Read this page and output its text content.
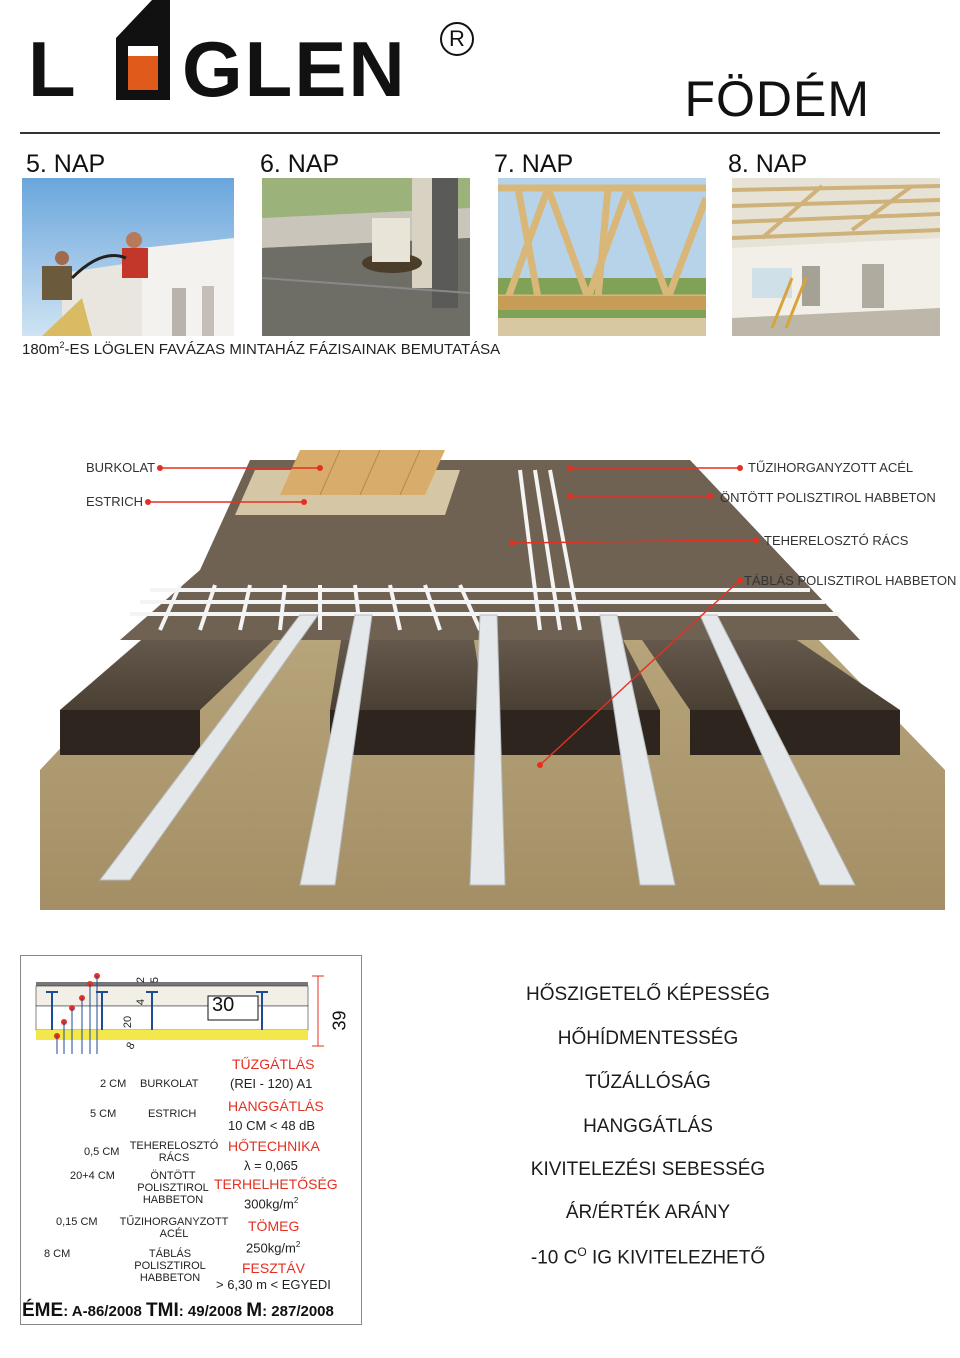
L GLEN	R
FÖDÉM
5. NAP	6. NAP	7. NAP	8. NAP
$180m^2-ES$ LÖGLEN FAVÁZAS MINTAHÁZ FÁZISAINAK BEMUTATÁSA
BURKOLAT
ESTRICH
TŰZIHORGANYZOTT ACÉL
ÖNTÖTT POLISZTIROL HABBETON
TEHERELOSZTÓ RÁCS
TÁBLÁS POLISZTIROL HABBETON
30
39
20
4
8
2 5
2 CM BURKOLAT
5 CM	ESTRICH
0,5 CM TEHERELOSZTÓ RÁCS
20+4 CM	ÖNTÖTT POLISZTIROL HABBETON
0,15 CM	TŰZIHORGANYZOTT ACÉL
8 CM	TÁBLÁS POLISZTIROL HABBETON
TŰZGÁTLÁS
(REI - 120) A1
HANGGÁTLÁS
10 CM < 48 dB
HŐTECHNIKA
λ = 0,065
TERHELHETŐSÉG
$300kg/m^2$
TÖMEG
$250kg/m^2$
FESZTÁV
> 6,30 m < EGYEDI
ÉME: A-86/2008 TMI: 49/2008 M: 287/2008
HŐSZIGETELŐ KÉPESSÉG
HŐHÍDMENTESSÉG
TŰZÁLLÓSÁG
HANGGÁTLÁS
KIVITELEZÉSI SEBESSÉG
ÁR/ÉRTÉK ARÁNY
-10 $C^O$ IG KIVITELEZHETŐ
